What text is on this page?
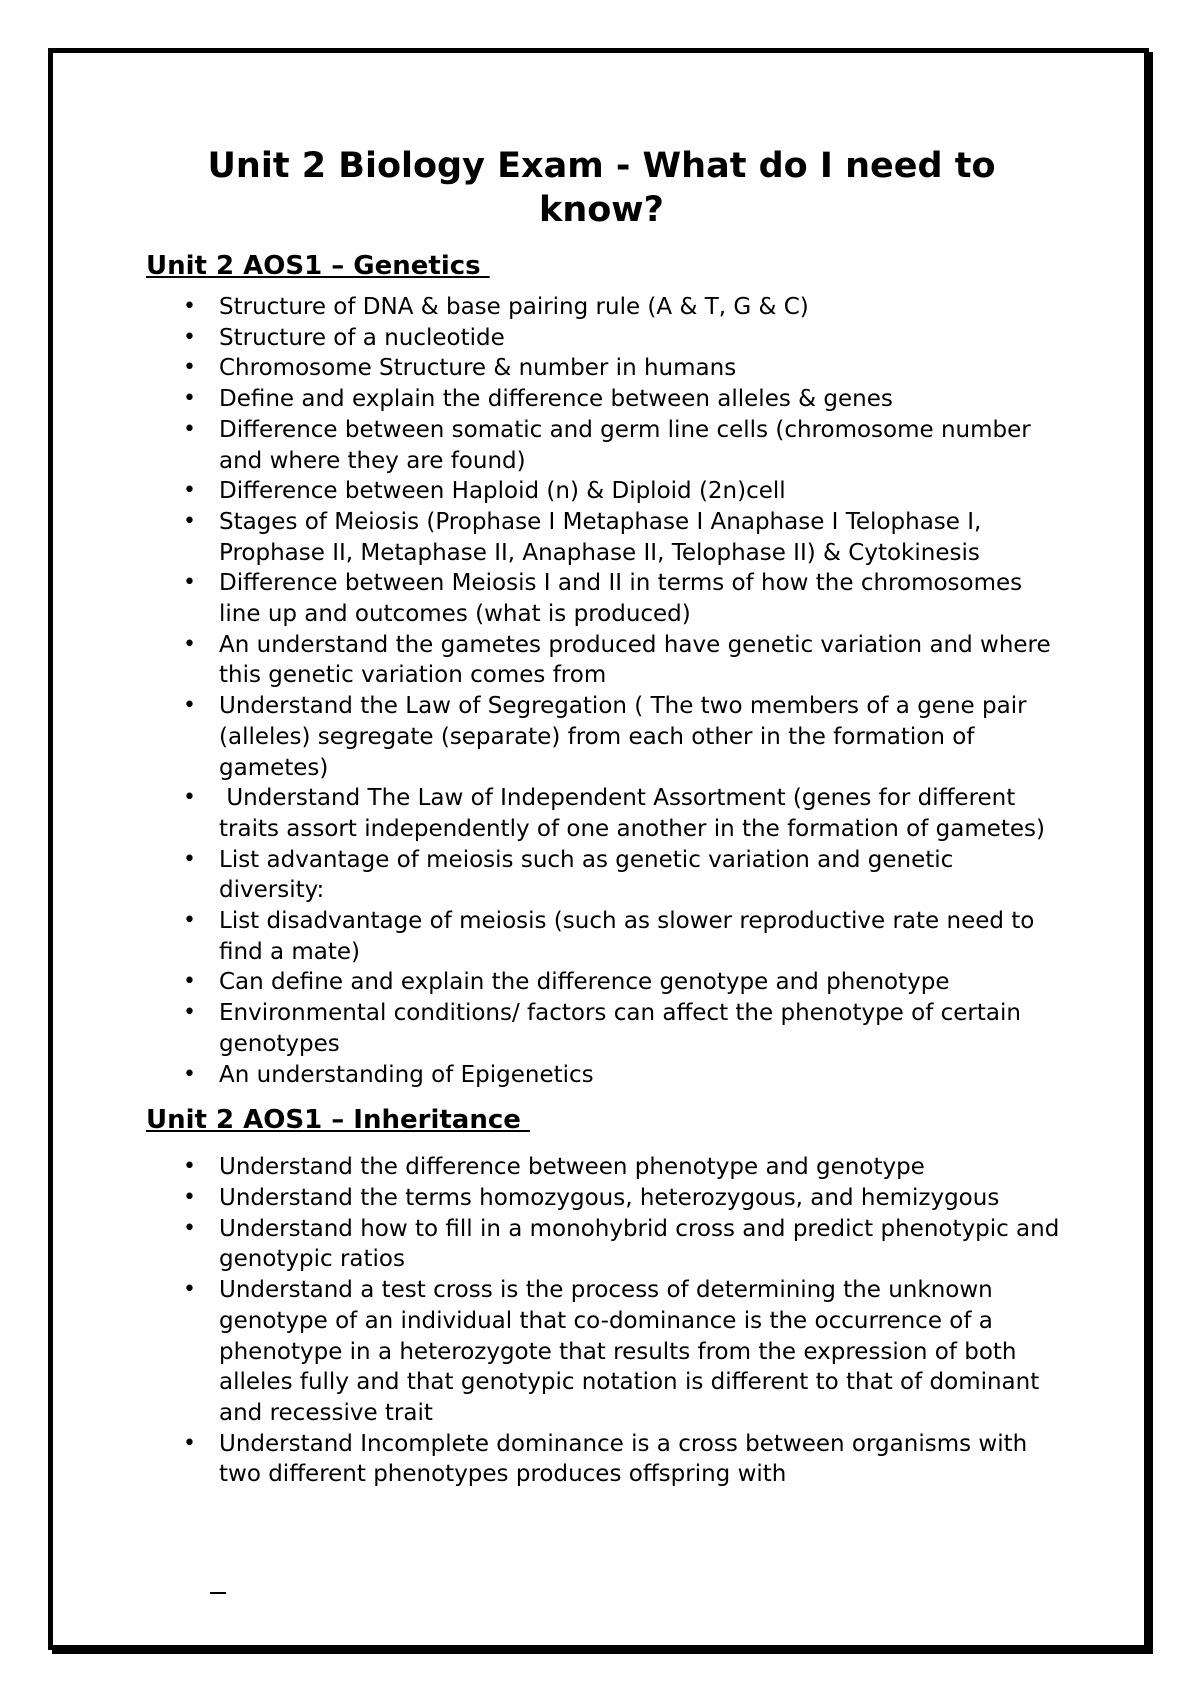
Unit 2 Biology Exam - What do I need to know?
Unit 2 AOS1 – Genetics
• Structure of DNA & base pairing rule (A & T, G & C)
• Structure of a nucleotide
• Chromosome Structure & number in humans
• Define and explain the difference between alleles & genes
• Difference between somatic and germ line cells (chromosome number and where they are found)
• Difference between Haploid (n) & Diploid (2n)cell
• Stages of Meiosis (Prophase I Metaphase I Anaphase I Telophase I, Prophase II, Metaphase II, Anaphase II, Telophase II) & Cytokinesis
• Difference between Meiosis I and II in terms of how the chromosomes line up and outcomes (what is produced)
• An understand the gametes produced have genetic variation and where this genetic variation comes from
• Understand the Law of Segregation ( The two members of a gene pair (alleles) segregate (separate) from each other in the formation of gametes)
• Understand The Law of Independent Assortment (genes for different traits assort independently of one another in the formation of gametes)
• List advantage of meiosis such as genetic variation and genetic diversity:
• List disadvantage of meiosis (such as slower reproductive rate need to find a mate)
• Can define and explain the difference genotype and phenotype
• Environmental conditions/ factors can affect the phenotype of certain genotypes
• An understanding of Epigenetics
Unit 2 AOS1 – Inheritance
• Understand the difference between phenotype and genotype
• Understand the terms homozygous, heterozygous, and hemizygous
• Understand how to fill in a monohybrid cross and predict phenotypic and genotypic ratios
• Understand a test cross is the process of determining the unknown genotype of an individual that co-dominance is the occurrence of a phenotype in a heterozygote that results from the expression of both alleles fully and that genotypic notation is different to that of dominant and recessive trait
• Understand Incomplete dominance is a cross between organisms with two different phenotypes produces offspring with
